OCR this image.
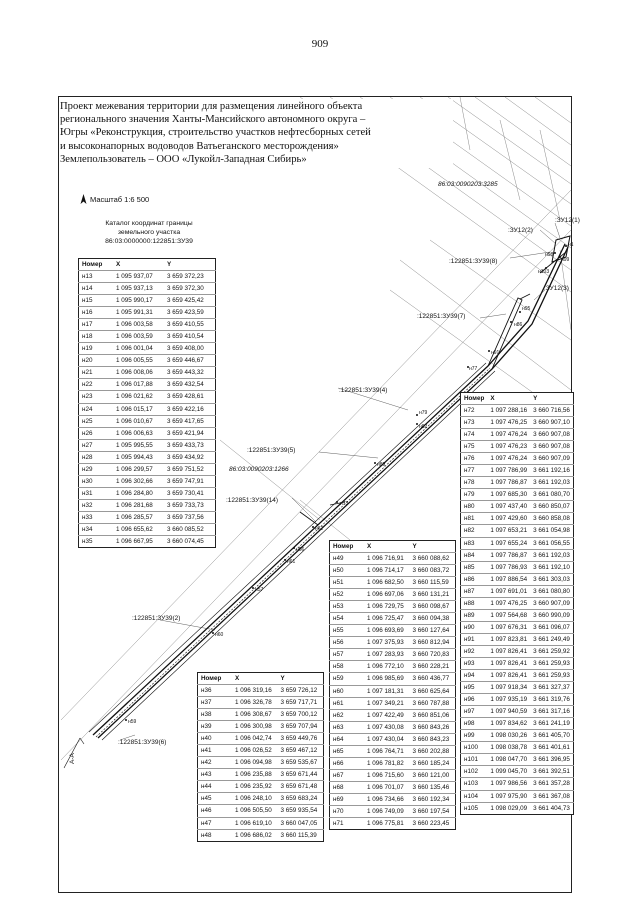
909
86:03:0090203:3285
86:03:0090203:1266
:ЗУ12(1)
:ЗУ12(2)
:ЗУ12(3)
:122851:ЗУ39(8)
:122851:ЗУ39(7)
:122851:ЗУ39(4)
:122851:ЗУ39(5)
:122851:ЗУ39(14)
:122851:ЗУ39(2)
:122851:ЗУ39(6)
А-А
н1
н98
н99
н103
н95
н86
н91
н77
н79
н82
н89
н73
н62
н56
н61
н57
н60
н59
Проект межевания территории для размещения линейного объекта
регионального значения Ханты-Мансийского автономного округа –
Югры «Реконструкция, строительство участков нефтесборных сетей
и высоконапорных водоводов Ватьеганского месторождения»
Землепользователь – ООО «Лукойл-Западная Сибирь»
Масштаб 1:6 500
Каталог координат границы
земельного участка
86:03:0000000:122851:ЗУ39
Номер	X	Y
н13	1 095 937,07	3 659 372,23
н14	1 095 937,13	3 659 372,30
н15	1 095 990,17	3 659 425,42
н16	1 095 991,31	3 659 423,59
н17	1 096 003,58	3 659 410,55
н18	1 096 003,59	3 659 410,54
н19	1 096 001,04	3 659 408,00
н20	1 096 005,55	3 659 446,67
н21	1 096 008,06	3 659 443,32
н22	1 096 017,88	3 659 432,54
н23	1 096 021,62	3 659 428,61
н24	1 096 015,17	3 659 422,16
н25	1 096 010,67	3 659 417,65
н26	1 096 006,63	3 659 421,94
н27	1 095 995,55	3 659 433,73
н28	1 095 994,43	3 659 434,92
н29	1 096 299,57	3 659 751,52
н30	1 096 302,66	3 659 747,91
н31	1 096 284,80	3 659 730,41
н32	1 096 281,68	3 659 733,73
н33	1 096 285,57	3 659 737,56
н34	1 096 655,62	3 660 085,52
н35	1 096 667,95	3 660 074,45
Номер	X	Y
н36	1 096 319,16	3 659 726,12
н37	1 096 326,78	3 659 717,71
н38	1 096 308,67	3 659 700,12
н39	1 096 300,98	3 659 707,94
н40	1 096 042,74	3 659 449,76
н41	1 096 026,52	3 659 467,12
н42	1 096 094,98	3 659 535,67
н43	1 096 235,88	3 659 671,44
н44	1 096 235,92	3 659 671,48
н45	1 096 248,10	3 659 683,24
н46	1 096 505,50	3 659 935,54
н47	1 096 619,10	3 660 047,05
н48	1 096 686,02	3 660 115,39
Номер	X	Y
н49	1 096 716,91	3 660 088,62
н50	1 096 714,17	3 660 083,72
н51	1 096 682,50	3 660 115,59
н52	1 096 697,06	3 660 131,21
н53	1 096 729,75	3 660 098,67
н54	1 096 725,47	3 660 094,38
н55	1 096 693,69	3 660 127,64
н56	1 097 375,93	3 660 812,94
н57	1 097 283,93	3 660 720,83
н58	1 096 772,10	3 660 228,21
н59	1 096 985,69	3 660 436,77
н60	1 097 181,31	3 660 625,64
н61	1 097 349,21	3 660 787,88
н62	1 097 422,49	3 660 851,06
н63	1 097 430,08	3 660 843,26
н64	1 097 430,04	3 660 843,23
н65	1 096 764,71	3 660 202,88
н66	1 096 781,82	3 660 185,24
н67	1 096 715,60	3 660 121,00
н68	1 096 701,07	3 660 135,46
н69	1 096 734,66	3 660 192,34
н70	1 096 749,09	3 660 197,54
н71	1 096 775,81	3 660 223,45
Номер	X	Y
н72	1 097 288,16	3 660 716,56
н73	1 097 476,25	3 660 907,10
н74	1 097 476,24	3 660 907,08
н75	1 097 476,23	3 660 907,08
н76	1 097 476,24	3 660 907,09
н77	1 097 786,99	3 661 192,16
н78	1 097 786,87	3 661 192,03
н79	1 097 685,30	3 661 080,70
н80	1 097 437,40	3 660 850,07
н81	1 097 429,60	3 660 858,08
н82	1 097 653,21	3 661 054,98
н83	1 097 655,24	3 661 056,55
н84	1 097 786,87	3 661 192,03
н85	1 097 786,93	3 661 192,10
н86	1 097 886,54	3 661 303,03
н87	1 097 691,01	3 661 080,80
н88	1 097 476,25	3 660 907,09
н89	1 097 564,68	3 660 990,09
н90	1 097 676,31	3 661 096,07
н91	1 097 823,81	3 661 249,49
н92	1 097 826,41	3 661 259,92
н93	1 097 826,41	3 661 259,93
н94	1 097 826,41	3 661 259,93
н95	1 097 918,34	3 661 327,37
н96	1 097 935,19	3 661 319,76
н97	1 097 940,59	3 661 317,16
н98	1 097 834,62	3 661 241,19
н99	1 098 030,26	3 661 405,70
н100	1 098 038,78	3 661 401,61
н101	1 098 047,70	3 661 396,95
н102	1 099 045,70	3 661 392,51
н103	1 097 986,56	3 661 357,28
н104	1 097 975,90	3 661 367,08
н105	1 098 029,09	3 661 404,73
